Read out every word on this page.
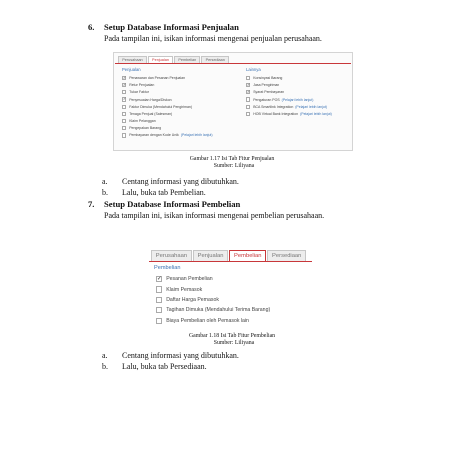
6. Setup Database Informasi Penjualan
Pada tampilan ini, isikan informasi mengenai penjualan perusahaan.
Perusahaan	Penjualan	Pembelian	Persediaan
Penjualan
✓ Penawaran dan Pesanan Penjualan
✓ Retur Penjualan
Tukar Faktur
✓ Penyesuaian Harga/Diskon
Faktur Dimuka (Mendahului Pengiriman)
Tenaga Penjual (Salesman)
Klaim Pelanggan
Pengepakan Barang
Pembayaran dengan Kode Unik (Pelajari lebih lanjut)
Lainnya
Konsinyasi Barang
✓ Jasa Pengiriman
✓ Syarat Pembayaran
Pengaturan POS (Pelajari lebih lanjut)
BCA Smartlink Integration (Pelajari lebih lanjut)
HOB Virtual Bank Integration (Pelajari lebih lanjut)
Gambar 1.17 Isi Tab Fitur Penjualan
Sumber: Liliyana
a. Centang informasi yang dibutuhkan.
b. Lalu, buka tab Pembelian.
7. Setup Database Informasi Pembelian
Pada tampilan ini, isikan informasi mengenai pembelian perusahaan.
Perusahaan	Penjualan	Pembelian	Persediaan
Pembelian
✓ Pesanan Pembelian
Klaim Pemasok
Daftar Harga Pemasok
Tagihan Dimuka (Mendahului Terima Barang)
Biaya Pembelian oleh Pemasok lain
Gambar 1.18 Isi Tab Fitur Pembelian
Sumber: Liliyana
a. Centang informasi yang dibutuhkan.
b. Lalu, buka tab Persediaan.
